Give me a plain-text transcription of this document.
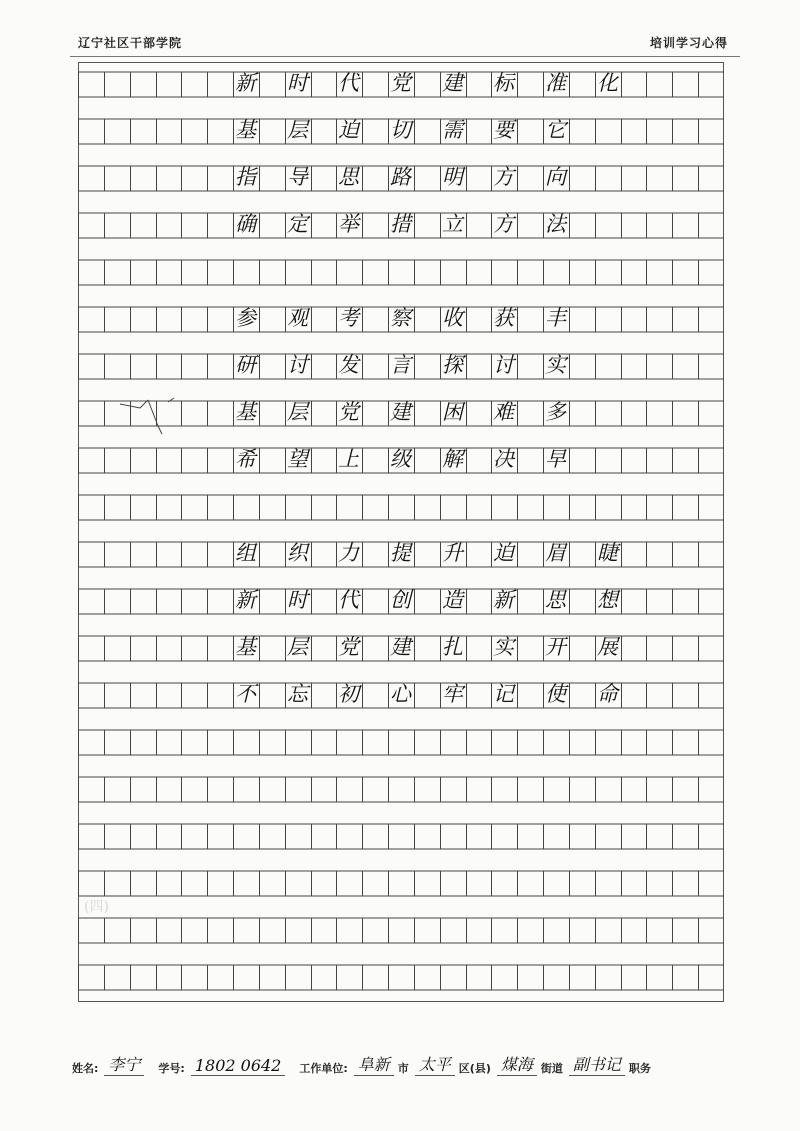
辽宁社区干部学院	培训学习心得
新 时 代 党 建 标 准 化
基 层 迫 切 需 要 它
指 导 思 路 明 方 向
确 定 举 措 立 方 法
参 观 考 察 收 获 丰
研 讨 发 言 探 讨 实
基 层 党 建 困 难 多
希 望 上 级 解 决 早
组 织 力 提 升 迫 眉 睫
新 时 代 创 造 新 思 想
基 层 党 建 扎 实 开 展
不 忘 初 心 牢 记 使 命
姓名: 李宁	学号: 1802 0642	工作单位: 阜新 市 太平 区(县) 煤海 街道 副书记 职务
(四)
